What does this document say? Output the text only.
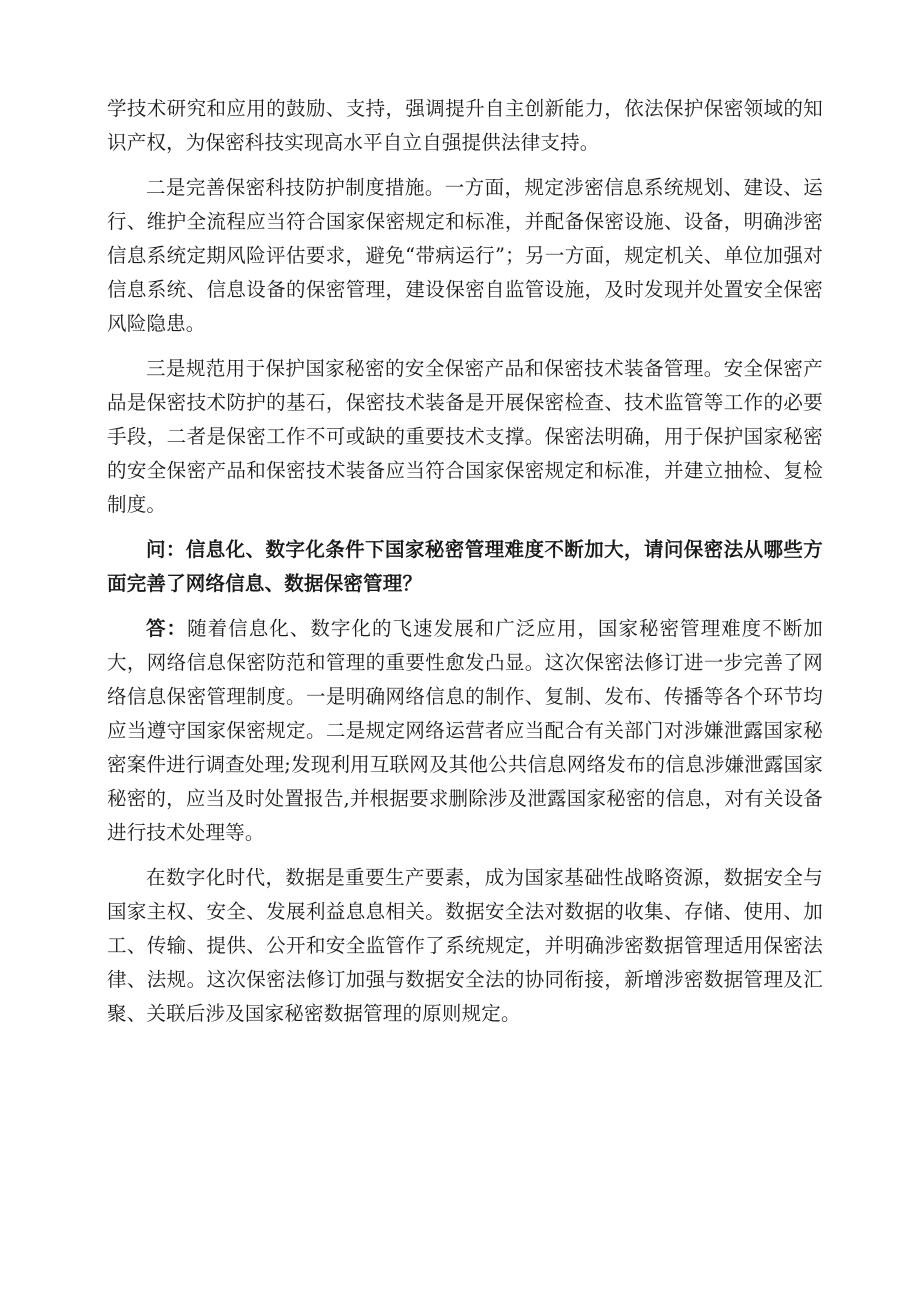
学技术研究和应用的鼓励、支持，强调提升自主创新能力，依法保护保密领域的知识产权，为保密科技实现高水平自立自强提供法律支持。

二是完善保密科技防护制度措施。一方面，规定涉密信息系统规划、建设、运行、维护全流程应当符合国家保密规定和标准，并配备保密设施、设备，明确涉密信息系统定期风险评估要求，避免“带病运行”；另一方面，规定机关、单位加强对信息系统、信息设备的保密管理，建设保密自监管设施，及时发现并处置安全保密风险隐患。

三是规范用于保护国家秘密的安全保密产品和保密技术装备管理。安全保密产品是保密技术防护的基石，保密技术装备是开展保密检查、技术监管等工作的必要手段，二者是保密工作不可或缺的重要技术支撑。保密法明确，用于保护国家秘密的安全保密产品和保密技术装备应当符合国家保密规定和标准，并建立抽检、复检制度。

问：信息化、数字化条件下国家秘密管理难度不断加大，请问保密法从哪些方面完善了网络信息、数据保密管理？

答：随着信息化、数字化的飞速发展和广泛应用，国家秘密管理难度不断加大，网络信息保密防范和管理的重要性愈发凸显。这次保密法修订进一步完善了网络信息保密管理制度。一是明确网络信息的制作、复制、发布、传播等各个环节均应当遵守国家保密规定。二是规定网络运营者应当配合有关部门对涉嫌泄露国家秘密案件进行调查处理;发现利用互联网及其他公共信息网络发布的信息涉嫌泄露国家秘密的，应当及时处置报告,并根据要求删除涉及泄露国家秘密的信息，对有关设备进行技术处理等。

在数字化时代，数据是重要生产要素，成为国家基础性战略资源，数据安全与国家主权、安全、发展利益息息相关。数据安全法对数据的收集、存储、使用、加工、传输、提供、公开和安全监管作了系统规定，并明确涉密数据管理适用保密法律、法规。这次保密法修订加强与数据安全法的协同衔接，新增涉密数据管理及汇聚、关联后涉及国家秘密数据管理的原则规定。
